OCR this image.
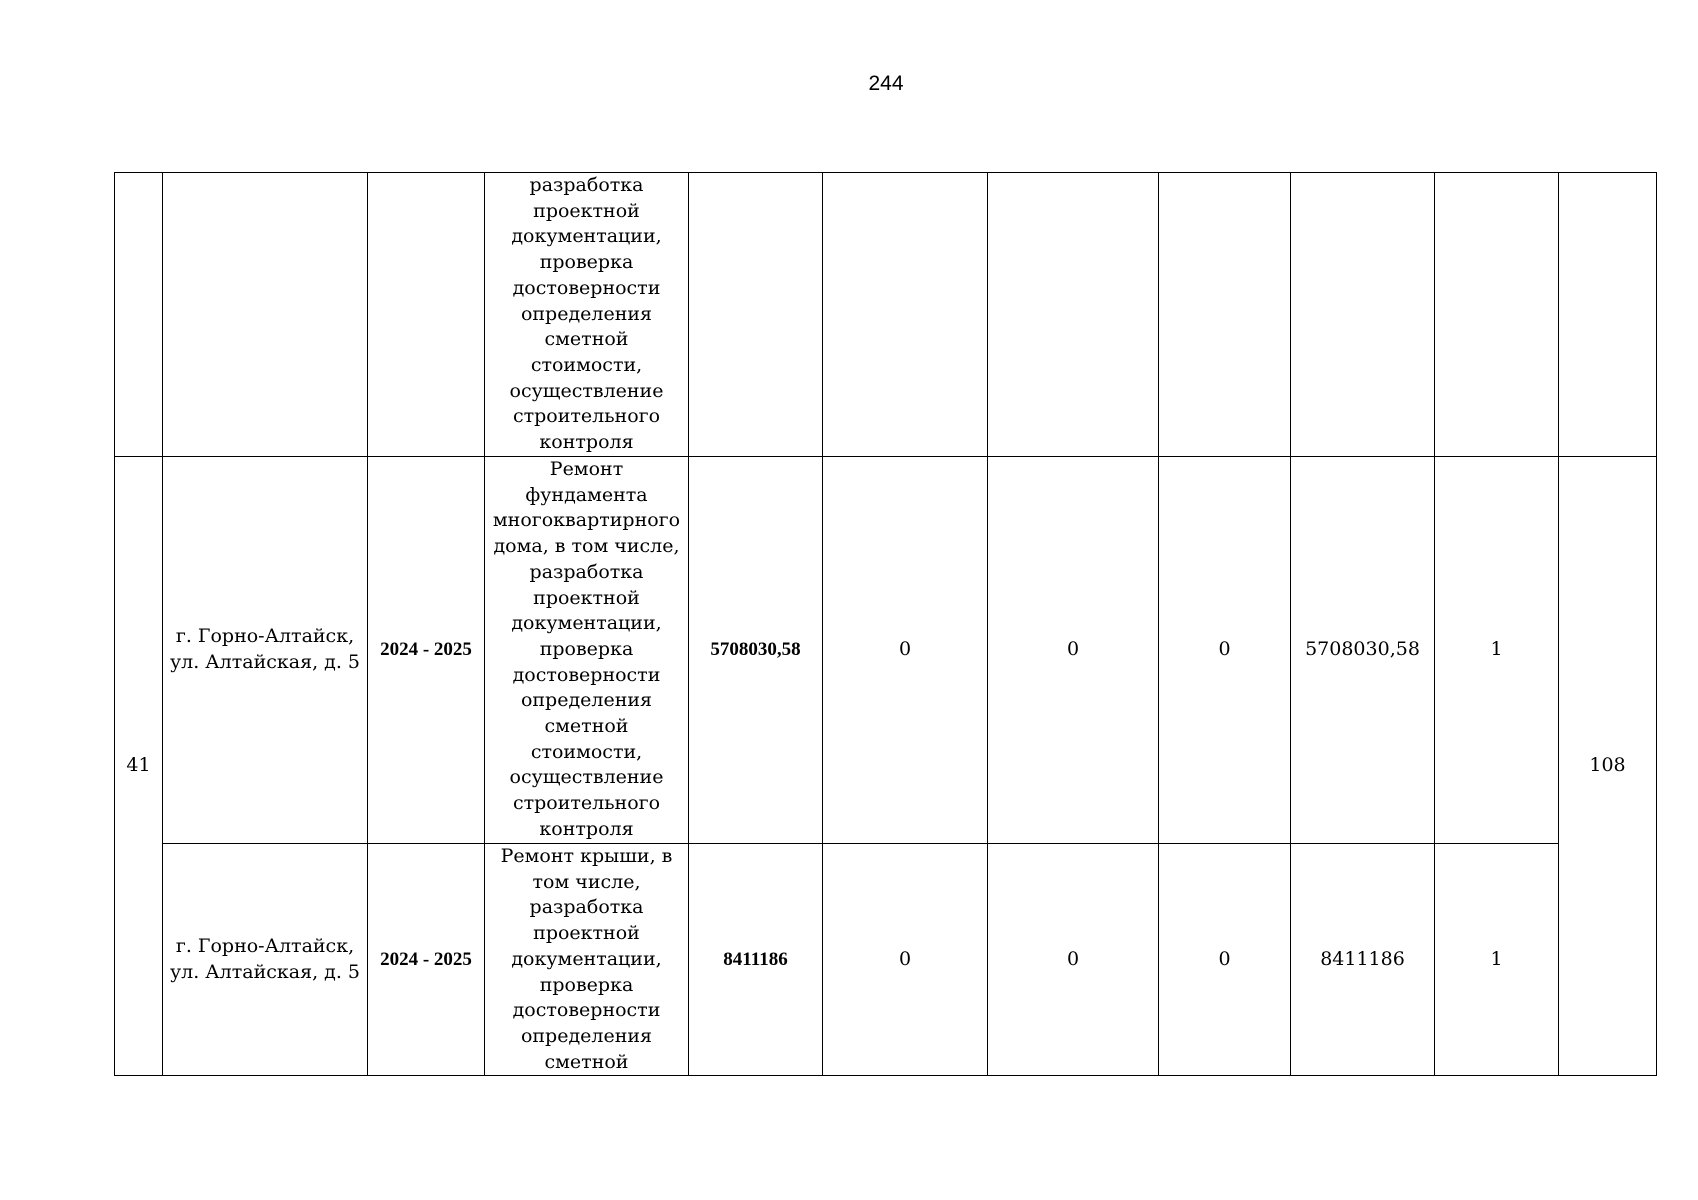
244

			разработка проектной документации, проверка достоверности определения сметной стоимости, осуществление строительного контроля							

41	г. Горно-Алтайск, ул. Алтайская, д. 5	2024 - 2025	Ремонт фундамента многоквартирного дома, в том числе, разработка проектной документации, проверка достоверности определения сметной стоимости, осуществление строительного контроля	5708030,58	0	0	0	5708030,58	1	108
	г. Горно-Алтайск, ул. Алтайская, д. 5	2024 - 2025	Ремонт крыши, в том числе, разработка проектной документации, проверка достоверности определения сметной	8411186	0	0	0	8411186	1	
